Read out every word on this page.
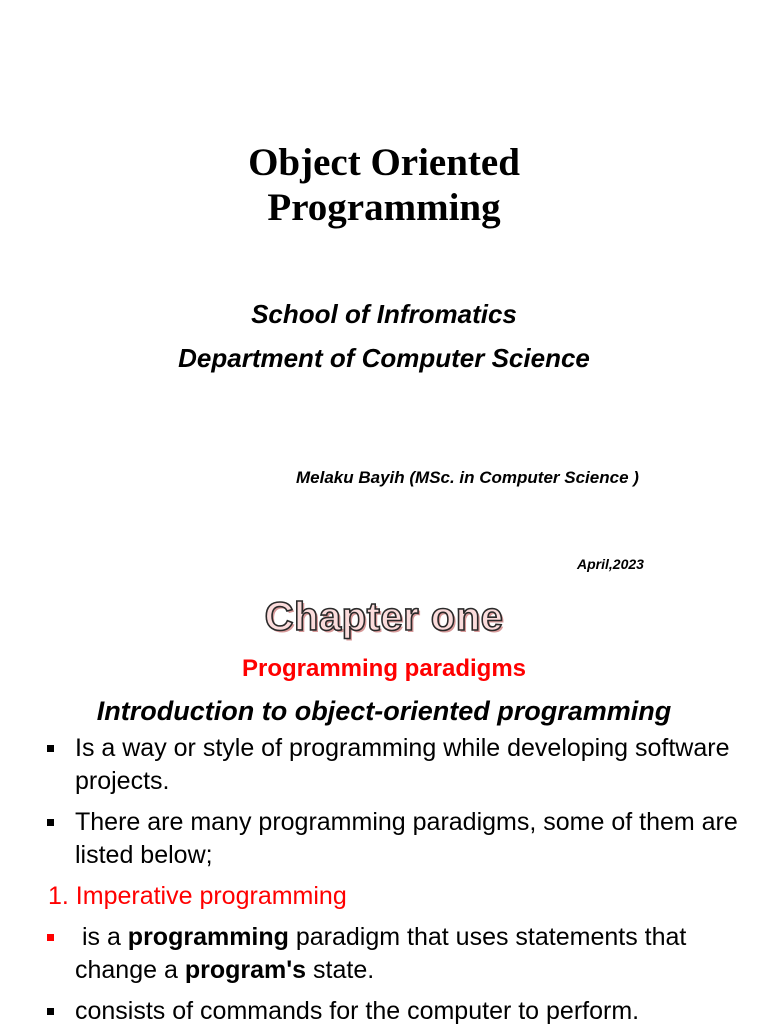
Object Oriented
Programming
School of Infromatics
Department of Computer Science
Melaku Bayih (MSc. in Computer Science )
April,2023
Chapter one
Programming paradigms
Introduction to object-oriented programming
Is a way or style of programming while developing software projects.
There are many programming paradigms, some of them are listed below;
1. Imperative programming
is a programming paradigm that uses statements that change a program's state.
consists of commands for the computer to perform.
